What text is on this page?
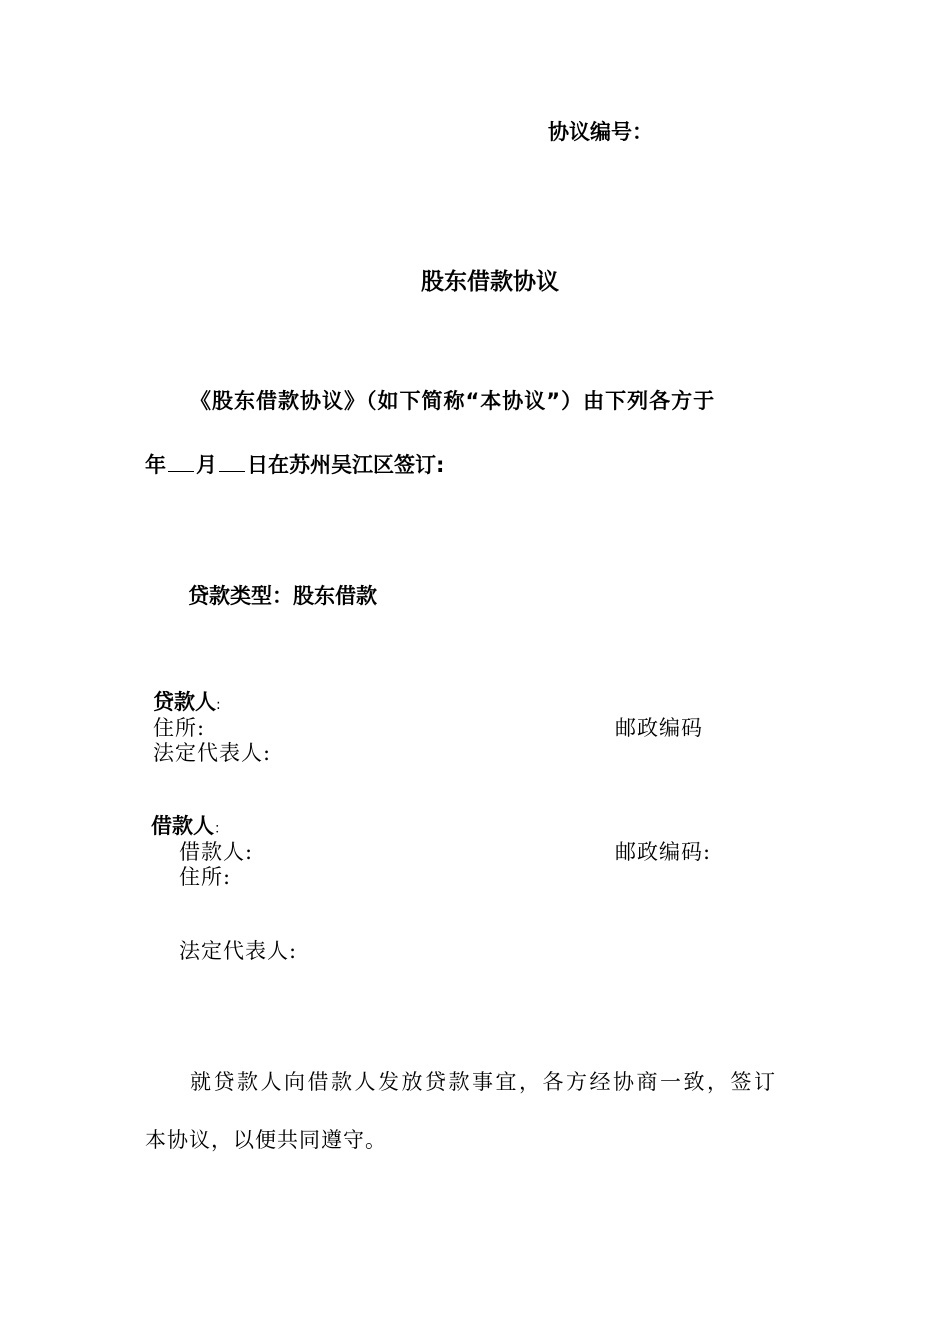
协议编号：
股东借款协议
《股东借款协议》（如下简称“本协议”）由下列各方于
年 月 日在苏州吴江区签订:
贷款类型：股东借款
贷款人:
住所:	邮政编码
法定代表人:
借款人：
借款人:	邮政编码:
住所:
法定代表人:
就贷款人向借款人发放贷款事宜，各方经协商一致，签订
本协议，以便共同遵守。
